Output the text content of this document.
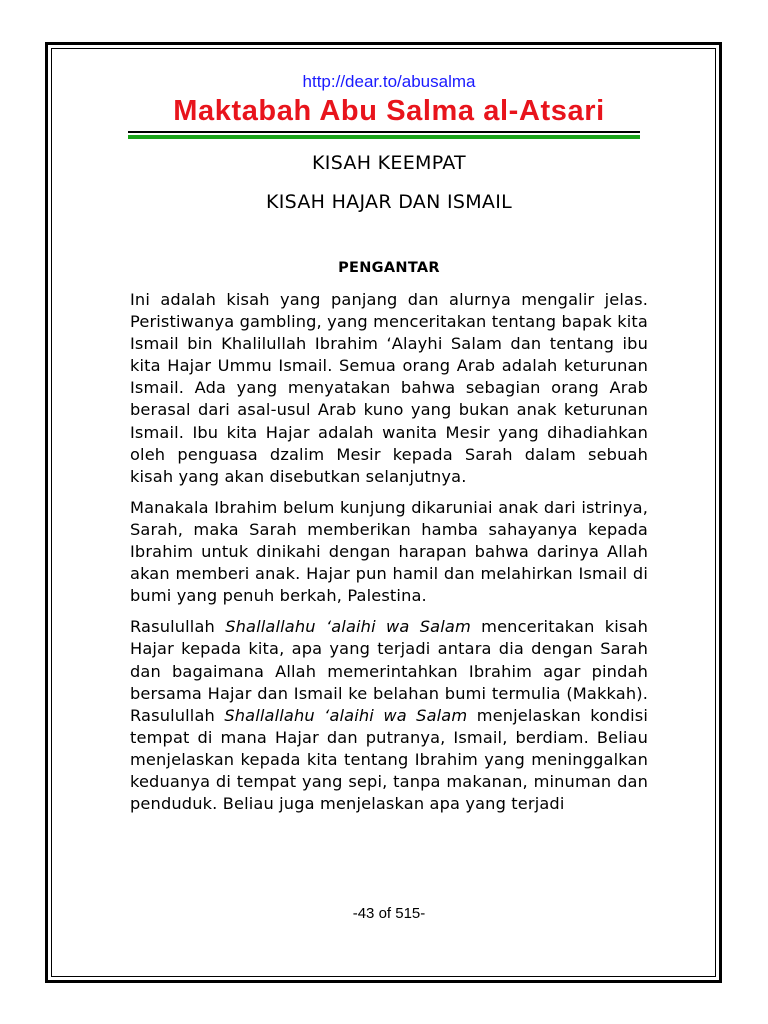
http://dear.to/abusalma
Maktabah Abu Salma al-Atsari
KISAH KEEMPAT
KISAH HAJAR DAN ISMAIL
PENGANTAR

Ini adalah kisah yang panjang dan alurnya mengalir jelas. Peristiwanya gambling, yang menceritakan tentang bapak kita Ismail bin Khalilullah Ibrahim ‘Alayhi Salam dan tentang ibu kita Hajar Ummu Ismail. Semua orang Arab adalah keturunan Ismail. Ada yang menyatakan bahwa sebagian orang Arab berasal dari asal-usul Arab kuno yang bukan anak keturunan Ismail. Ibu kita Hajar adalah wanita Mesir yang dihadiahkan oleh penguasa dzalim Mesir kepada Sarah dalam sebuah kisah yang akan disebutkan selanjutnya.

Manakala Ibrahim belum kunjung dikaruniai anak dari istrinya, Sarah, maka Sarah memberikan hamba sahayanya kepada Ibrahim untuk dinikahi dengan harapan bahwa darinya Allah akan memberi anak. Hajar pun hamil dan melahirkan Ismail di bumi yang penuh berkah, Palestina.

Rasulullah Shallallahu ‘alaihi wa Salam menceritakan kisah Hajar kepada kita, apa yang terjadi antara dia dengan Sarah dan bagaimana Allah memerintahkan Ibrahim agar pindah bersama Hajar dan Ismail ke belahan bumi termulia (Makkah). Rasulullah Shallallahu ‘alaihi wa Salam menjelaskan kondisi tempat di mana Hajar dan putranya, Ismail, berdiam. Beliau menjelaskan kepada kita tentang Ibrahim yang meninggalkan keduanya di tempat yang sepi, tanpa makanan, minuman dan penduduk. Beliau juga menjelaskan apa yang terjadi

-43 of 515-
